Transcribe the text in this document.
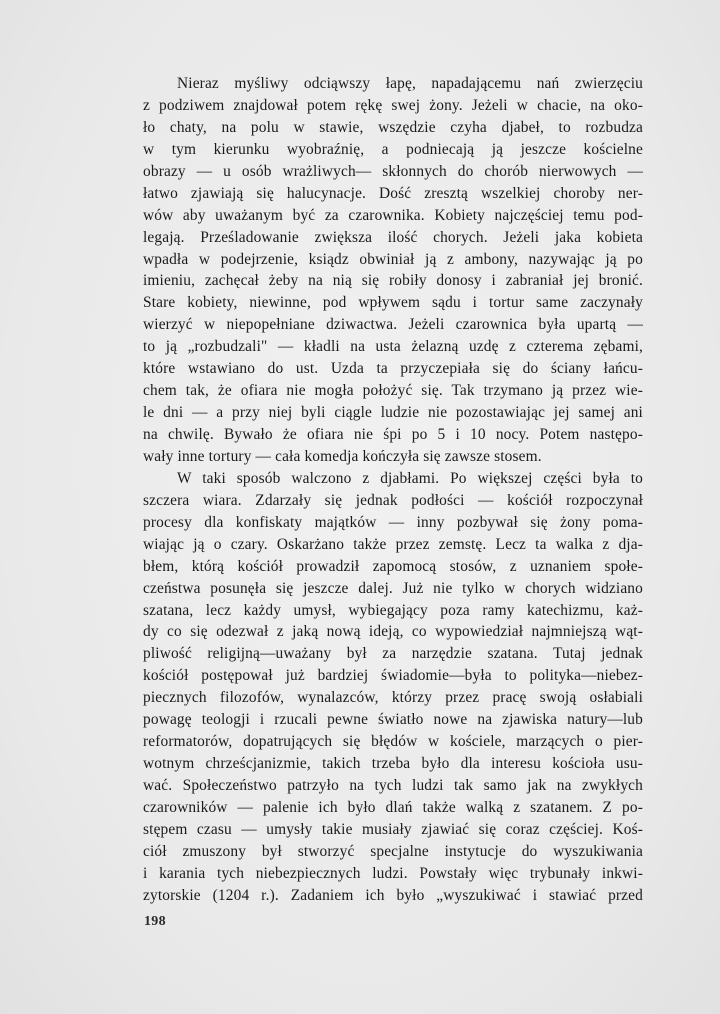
Nieraz myśliwy odciąwszy łapę, napadającemu nań zwierzęciu
z podziwem znajdował potem rękę swej żony. Jeżeli w chacie, na oko-
ło chaty, na polu w stawie, wszędzie czyha djabeł, to rozbudza
w tym kierunku wyobraźnię, a podniecają ją jeszcze kościelne
obrazy — u osób wrażliwych— skłonnych do chorób nierwowych —
łatwo zjawiają się halucynacje. Dość zresztą wszelkiej choroby ner-
wów aby uważanym być za czarownika. Kobiety najczęściej temu pod-
legają. Prześladowanie zwiększa ilość chorych. Jeżeli jaka kobieta
wpadła w podejrzenie, ksiądz obwiniał ją z ambony, nazywając ją po
imieniu, zachęcał żeby na nią się robiły donosy i zabraniał jej bronić.
Stare kobiety, niewinne, pod wpływem sądu i tortur same zaczynały
wierzyć w niepopełniane dziwactwa. Jeżeli czarownica była upartą —
to ją „rozbudzali" — kładli na usta żelazną uzdę z czterema zębami,
które wstawiano do ust. Uzda ta przyczepiała się do ściany łańcu-
chem tak, że ofiara nie mogła położyć się. Tak trzymano ją przez wie-
le dni — a przy niej byli ciągle ludzie nie pozostawiając jej samej ani
na chwilę. Bywało że ofiara nie śpi po 5 i 10 nocy. Potem następo-
wały inne tortury — cała komedja kończyła się zawsze stosem.

W taki sposób walczono z djabłami. Po większej części była to
szczera wiara. Zdarzały się jednak podłości — kościół rozpoczynał
procesy dla konfiskaty majątków — inny pozbywał się żony poma-
wiając ją o czary. Oskarżano także przez zemstę. Lecz ta walka z dja-
błem, którą kościół prowadził zapomocą stosów, z uznaniem społe-
czeństwa posunęła się jeszcze dalej. Już nie tylko w chorych widziano
szatana, lecz każdy umysł, wybiegający poza ramy katechizmu, każ-
dy co się odezwał z jaką nową ideją, co wypowiedział najmniejszą wąt-
pliwość religijną—uważany był za narzędzie szatana. Tutaj jednak
kościół postępował już bardziej świadomie—była to polityka—niebez-
piecznych filozofów, wynalazców, którzy przez pracę swoją osłabiali
powagę teologji i rzucali pewne światło nowe na zjawiska natury—lub
reformatorów, dopatrujących się błędów w kościele, marzących o pier-
wotnym chrześcjanizmie, takich trzeba było dla interesu kościoła usu-
wać. Społeczeństwo patrzyło na tych ludzi tak samo jak na zwykłych
czarowników — palenie ich było dlań także walką z szatanem. Z po-
stępem czasu — umysły takie musiały zjawiać się coraz częściej. Koś-
ciół zmuszony był stworzyć specjalne instytucje do wyszukiwania
i karania tych niebezpiecznych ludzi. Powstały więc trybunały inkwi-
zytorskie (1204 r.). Zadaniem ich było „wyszukiwać i stawiać przed

198
